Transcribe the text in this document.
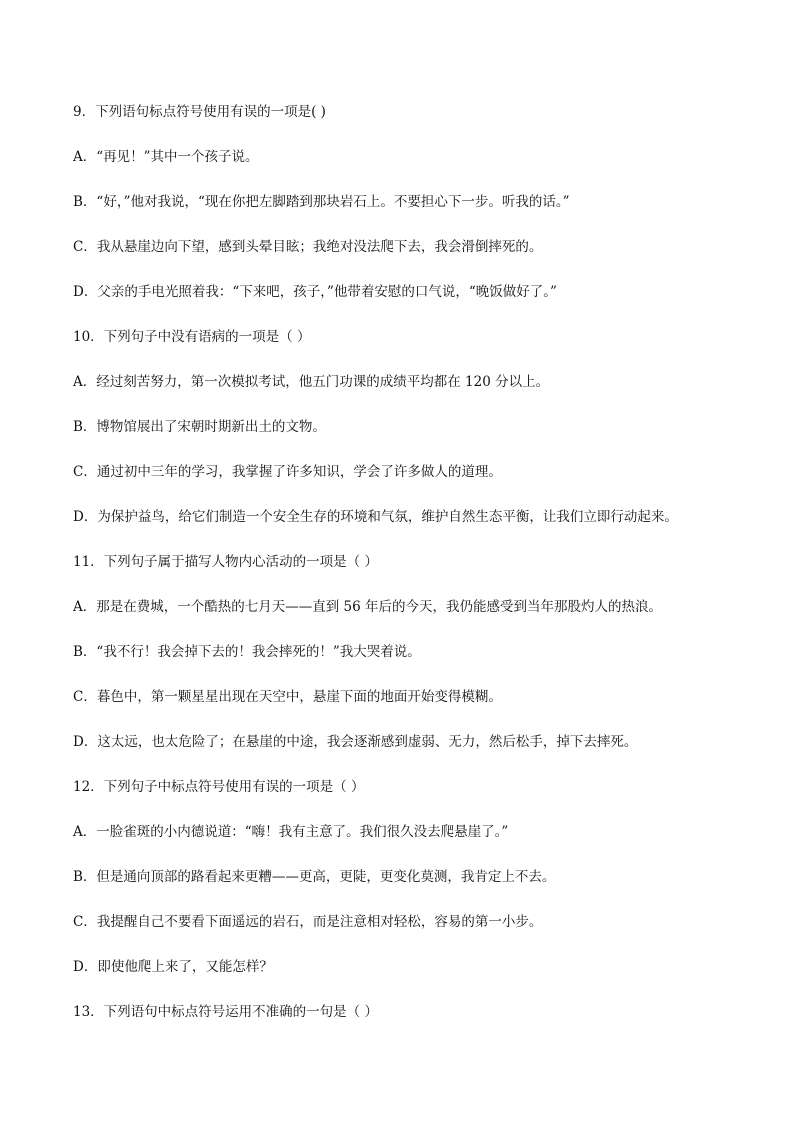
9．下列语句标点符号使用有误的一项是( )
A．“再见！”其中一个孩子说。
B．“好，”他对我说，“现在你把左脚踏到那块岩石上。不要担心下一步。听我的话。”
C．我从悬崖边向下望，感到头晕目眩；我绝对没法爬下去，我会滑倒摔死的。
D．父亲的手电光照着我：“下来吧，孩子，”他带着安慰的口气说，“晚饭做好了。”
10．下列句子中没有语病的一项是（ ）
A．经过刻苦努力，第一次模拟考试，他五门功课的成绩平均都在 120 分以上。
B．博物馆展出了宋朝时期新出土的文物。
C．通过初中三年的学习，我掌握了许多知识，学会了许多做人的道理。
D．为保护益鸟，给它们制造一个安全生存的环境和气氛，维护自然生态平衡，让我们立即行动起来。
11．下列句子属于描写人物内心活动的一项是（ ）
A．那是在费城，一个酷热的七月天——直到 56 年后的今天，我仍能感受到当年那股灼人的热浪。
B．“我不行！我会掉下去的！我会摔死的！”我大哭着说。
C．暮色中，第一颗星星出现在天空中，悬崖下面的地面开始变得模糊。
D．这太远，也太危险了；在悬崖的中途，我会逐渐感到虚弱、无力，然后松手，掉下去摔死。
12．下列句子中标点符号使用有误的一项是（ ）
A．一脸雀斑的小内德说道：“嗨！我有主意了。我们很久没去爬悬崖了。”
B．但是通向顶部的路看起来更糟——更高，更陡，更变化莫测，我肯定上不去。
C．我提醒自己不要看下面遥远的岩石，而是注意相对轻松，容易的第一小步。
D．即使他爬上来了，又能怎样？
13．下列语句中标点符号运用不准确的一句是（ ）
